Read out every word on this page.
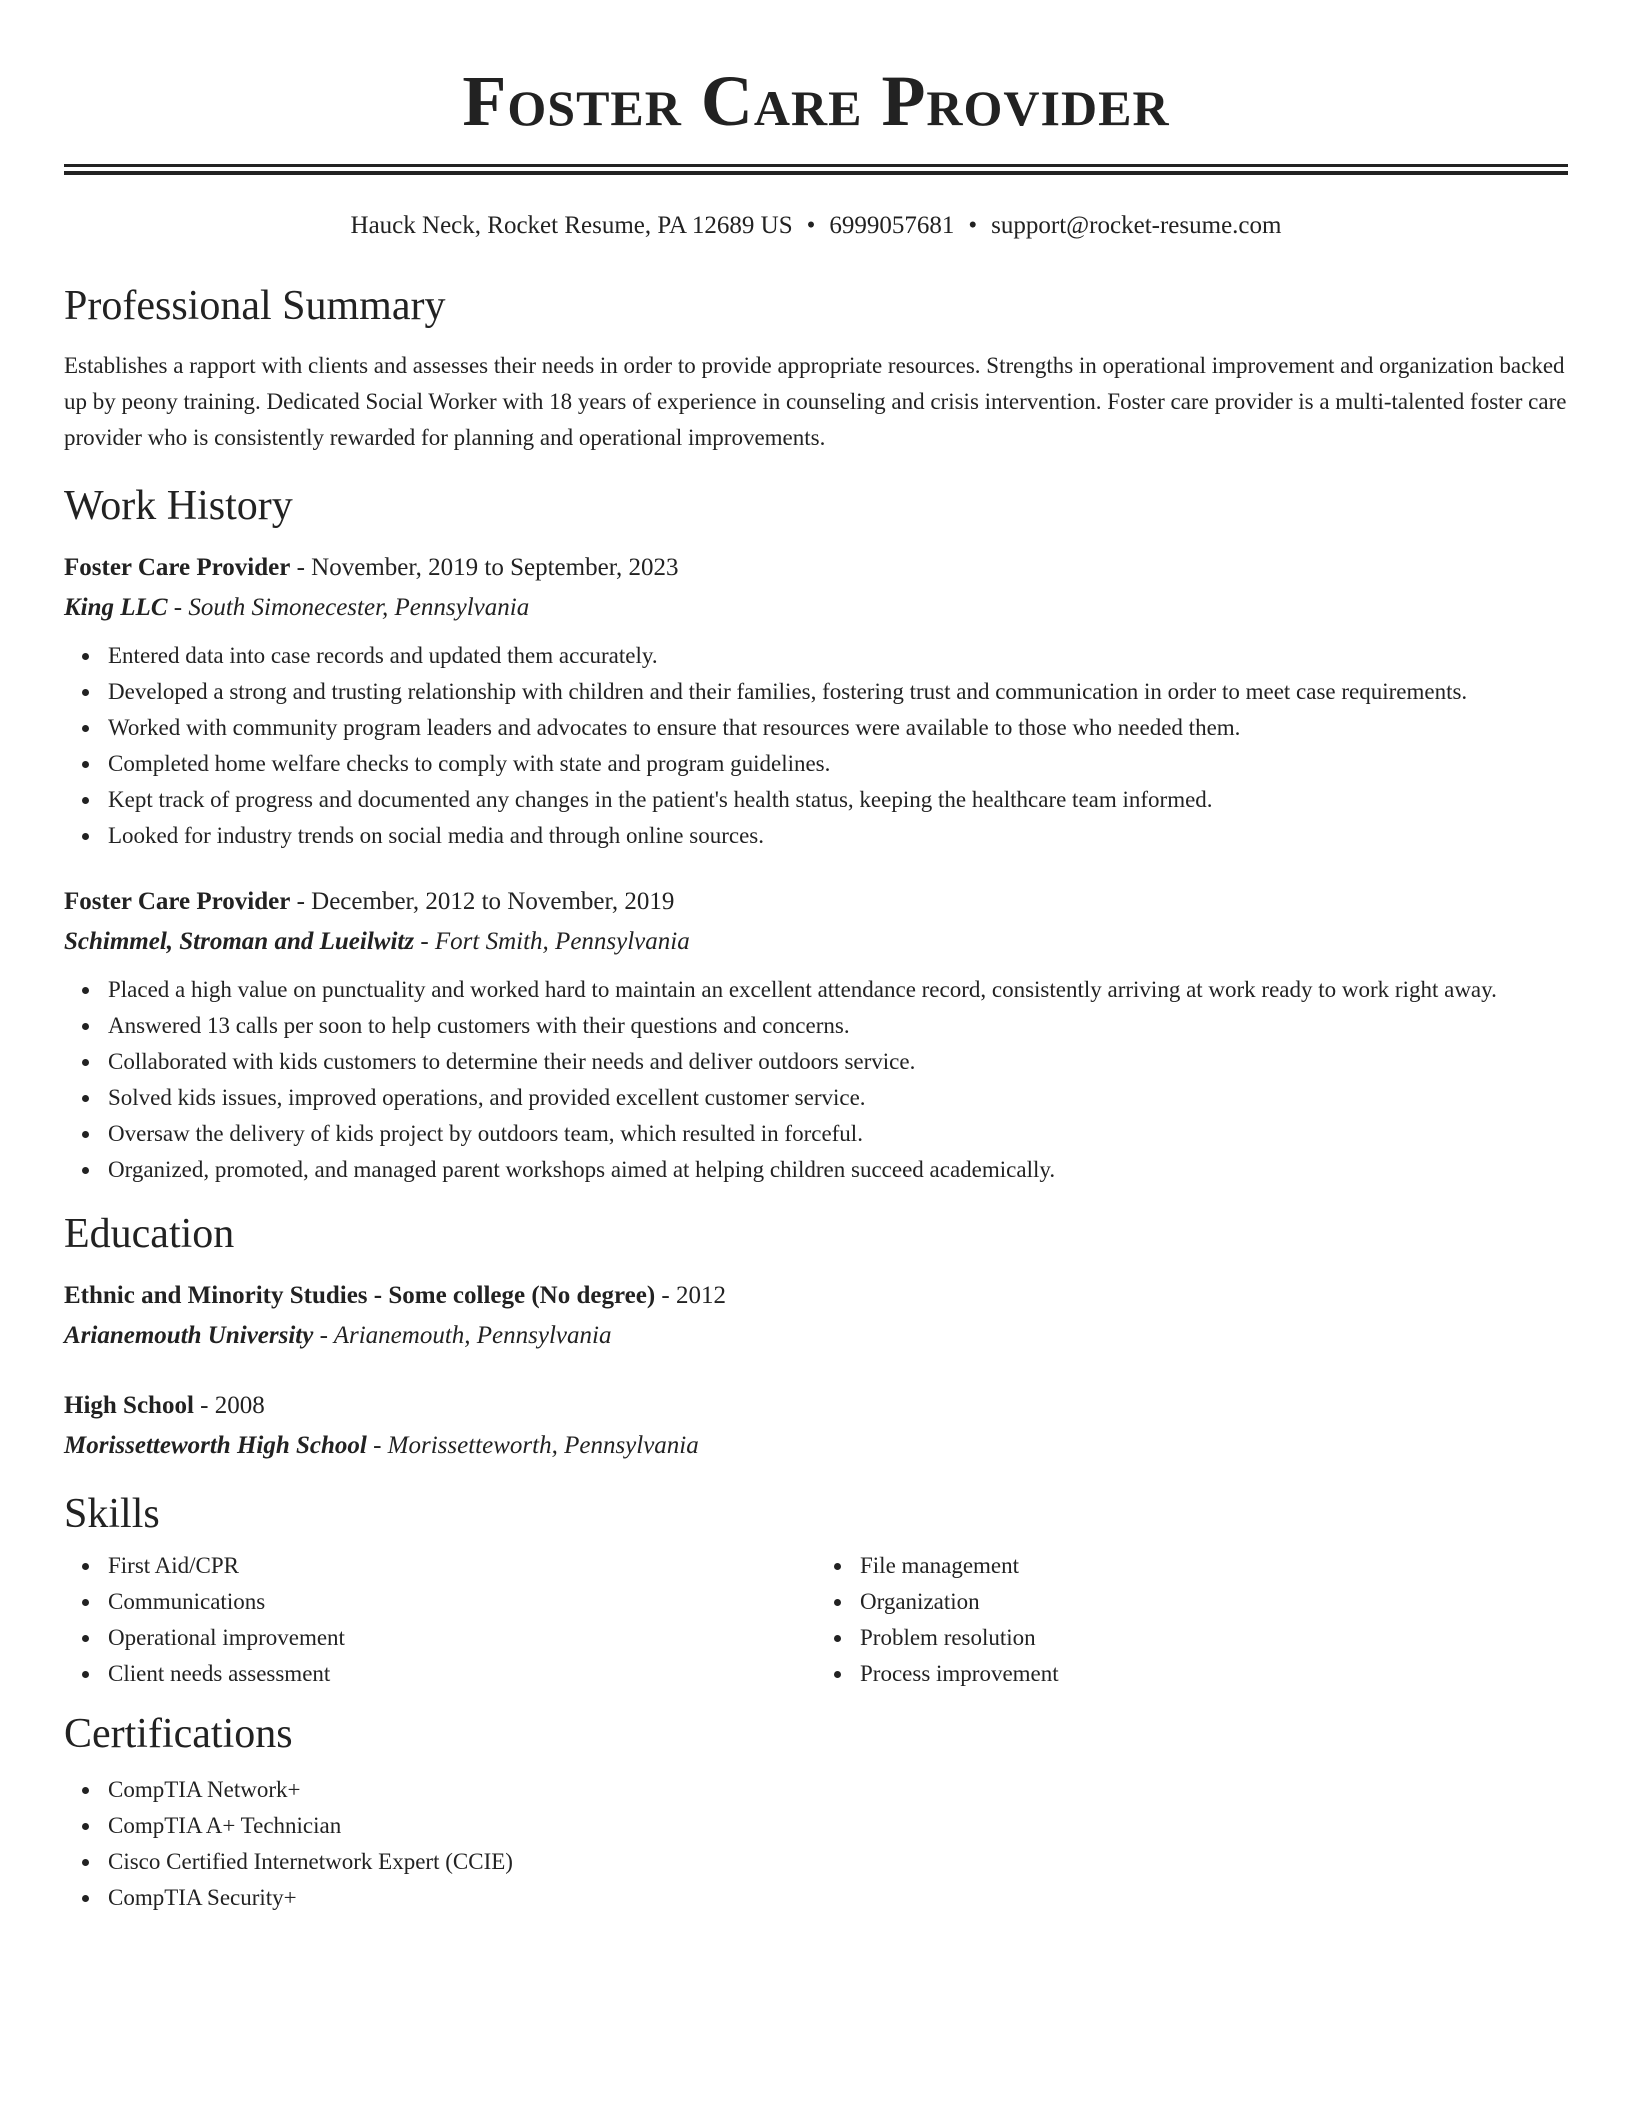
Foster Care Provider
Hauck Neck, Rocket Resume, PA 12689 US • 6999057681 • support@rocket-resume.com
Professional Summary
Establishes a rapport with clients and assesses their needs in order to provide appropriate resources. Strengths in operational improvement and organization backed up by peony training. Dedicated Social Worker with 18 years of experience in counseling and crisis intervention. Foster care provider is a multi-talented foster care provider who is consistently rewarded for planning and operational improvements.
Work History
Foster Care Provider - November, 2019 to September, 2023
King LLC - South Simonecester, Pennsylvania
Entered data into case records and updated them accurately.
Developed a strong and trusting relationship with children and their families, fostering trust and communication in order to meet case requirements.
Worked with community program leaders and advocates to ensure that resources were available to those who needed them.
Completed home welfare checks to comply with state and program guidelines.
Kept track of progress and documented any changes in the patient's health status, keeping the healthcare team informed.
Looked for industry trends on social media and through online sources.
Foster Care Provider - December, 2012 to November, 2019
Schimmel, Stroman and Lueilwitz - Fort Smith, Pennsylvania
Placed a high value on punctuality and worked hard to maintain an excellent attendance record, consistently arriving at work ready to work right away.
Answered 13 calls per soon to help customers with their questions and concerns.
Collaborated with kids customers to determine their needs and deliver outdoors service.
Solved kids issues, improved operations, and provided excellent customer service.
Oversaw the delivery of kids project by outdoors team, which resulted in forceful.
Organized, promoted, and managed parent workshops aimed at helping children succeed academically.
Education
Ethnic and Minority Studies - Some college (No degree) - 2012
Arianemouth University - Arianemouth, Pennsylvania
High School - 2008
Morissetteworth High School - Morissetteworth, Pennsylvania
Skills
First Aid/CPR
Communications
Operational improvement
Client needs assessment
File management
Organization
Problem resolution
Process improvement
Certifications
CompTIA Network+
CompTIA A+ Technician
Cisco Certified Internetwork Expert (CCIE)
CompTIA Security+
